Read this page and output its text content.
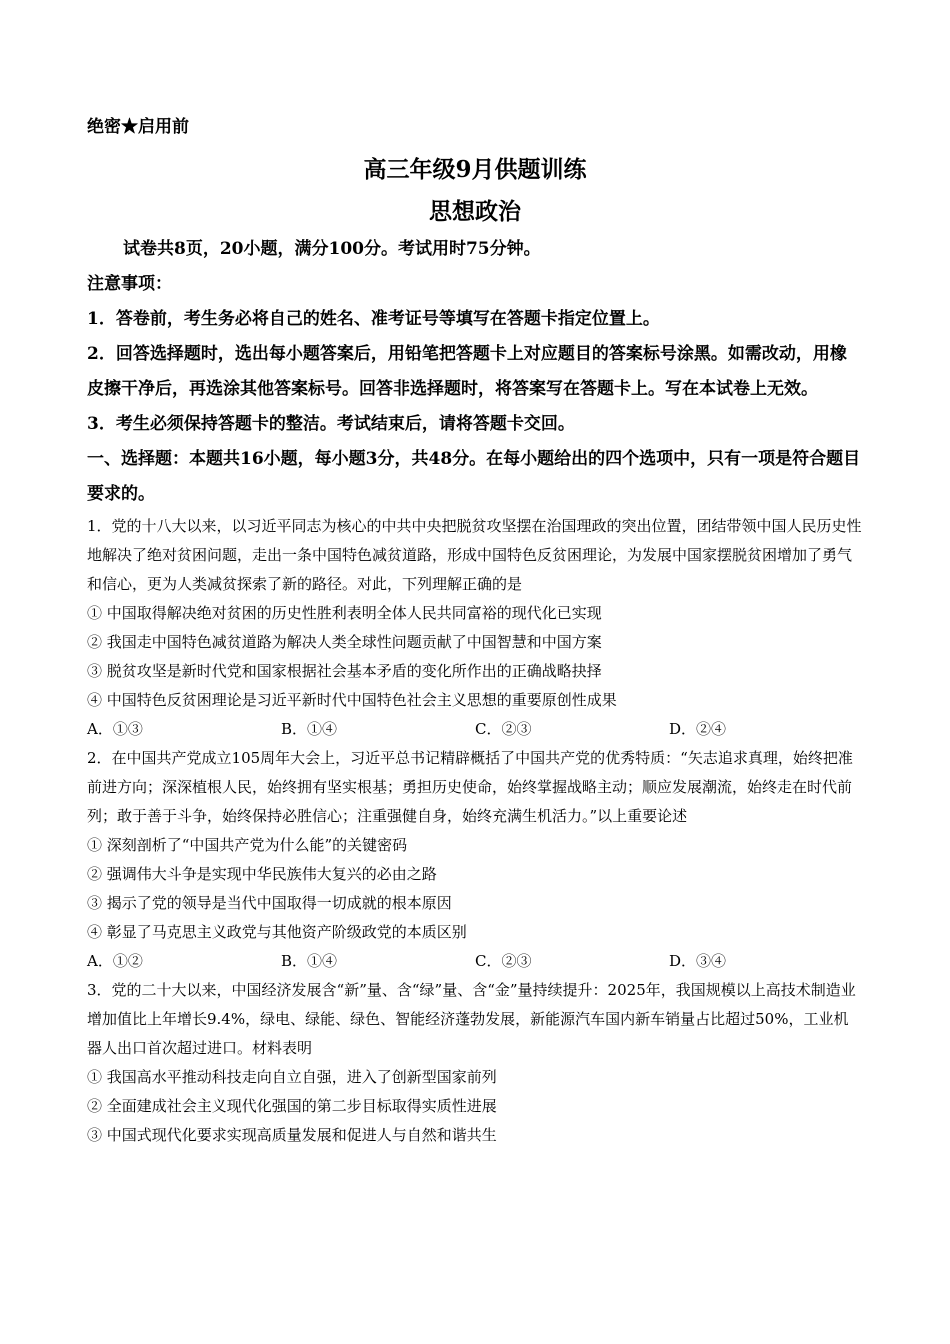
绝密★启用前
高三年级9月供题训练
思想政治
试卷共8页，20小题，满分100分。考试用时75分钟。
注意事项：
1．答卷前，考生务必将自己的姓名、准考证号等填写在答题卡指定位置上。
2．回答选择题时，选出每小题答案后，用铅笔把答题卡上对应题目的答案标号涂黑。如需改动，用橡皮擦干净后，再选涂其他答案标号。回答非选择题时，将答案写在答题卡上。写在本试卷上无效。
3．考生必须保持答题卡的整洁。考试结束后，请将答题卡交回。
一、选择题：本题共16小题，每小题3分，共48分。在每小题给出的四个选项中，只有一项是符合题目要求的。
1．党的十八大以来，以习近平同志为核心的中共中央把脱贫攻坚摆在治国理政的突出位置，团结带领中国人民历史性地解决了绝对贫困问题，走出一条中国特色减贫道路，形成中国特色反贫困理论，为发展中国家摆脱贫困增加了勇气和信心，更为人类减贫探索了新的路径。对此，下列理解正确的是
① 中国取得解决绝对贫困的历史性胜利表明全体人民共同富裕的现代化已实现
② 我国走中国特色减贫道路为解决人类全球性问题贡献了中国智慧和中国方案
③ 脱贫攻坚是新时代党和国家根据社会基本矛盾的变化所作出的正确战略抉择
④ 中国特色反贫困理论是习近平新时代中国特色社会主义思想的重要原创性成果
A．①③	B．①④	C．②③	D．②④
2．在中国共产党成立105周年大会上，习近平总书记精辟概括了中国共产党的优秀特质：“矢志追求真理，始终把准前进方向；深深植根人民，始终拥有坚实根基；勇担历史使命，始终掌握战略主动；顺应发展潮流，始终走在时代前列；敢于善于斗争，始终保持必胜信心；注重强健自身，始终充满生机活力。”以上重要论述
① 深刻剖析了“中国共产党为什么能”的关键密码
② 强调伟大斗争是实现中华民族伟大复兴的必由之路
③ 揭示了党的领导是当代中国取得一切成就的根本原因
④ 彰显了马克思主义政党与其他资产阶级政党的本质区别
A．①②	B．①④	C．②③	D．③④
3．党的二十大以来，中国经济发展含“新”量、含“绿”量、含“金”量持续提升：2025年，我国规模以上高技术制造业增加值比上年增长9.4%，绿电、绿能、绿色、智能经济蓬勃发展，新能源汽车国内新车销量占比超过50%，工业机器人出口首次超过进口。材料表明
① 我国高水平推动科技走向自立自强，进入了创新型国家前列
② 全面建成社会主义现代化强国的第二步目标取得实质性进展
③ 中国式现代化要求实现高质量发展和促进人与自然和谐共生
